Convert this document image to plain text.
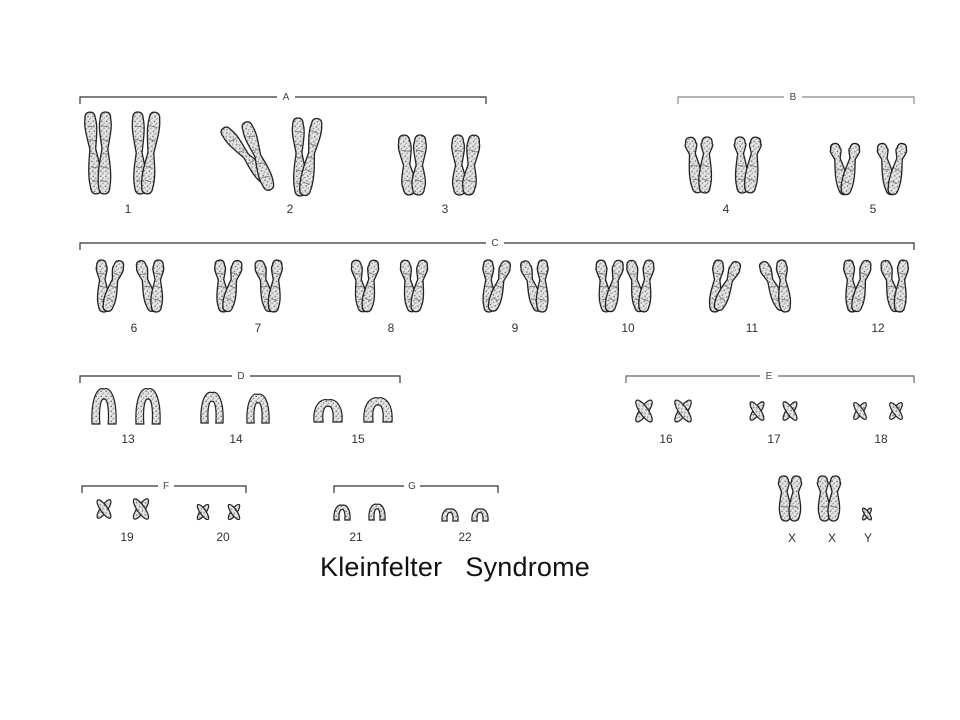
A	B
C
D	E
F	G
1	2	3	4	5
6	7	8	9	10	11	12
13	14	15	16	17	18
19	20	21	22	X	X Y
Kleinfelter   Syndrome
